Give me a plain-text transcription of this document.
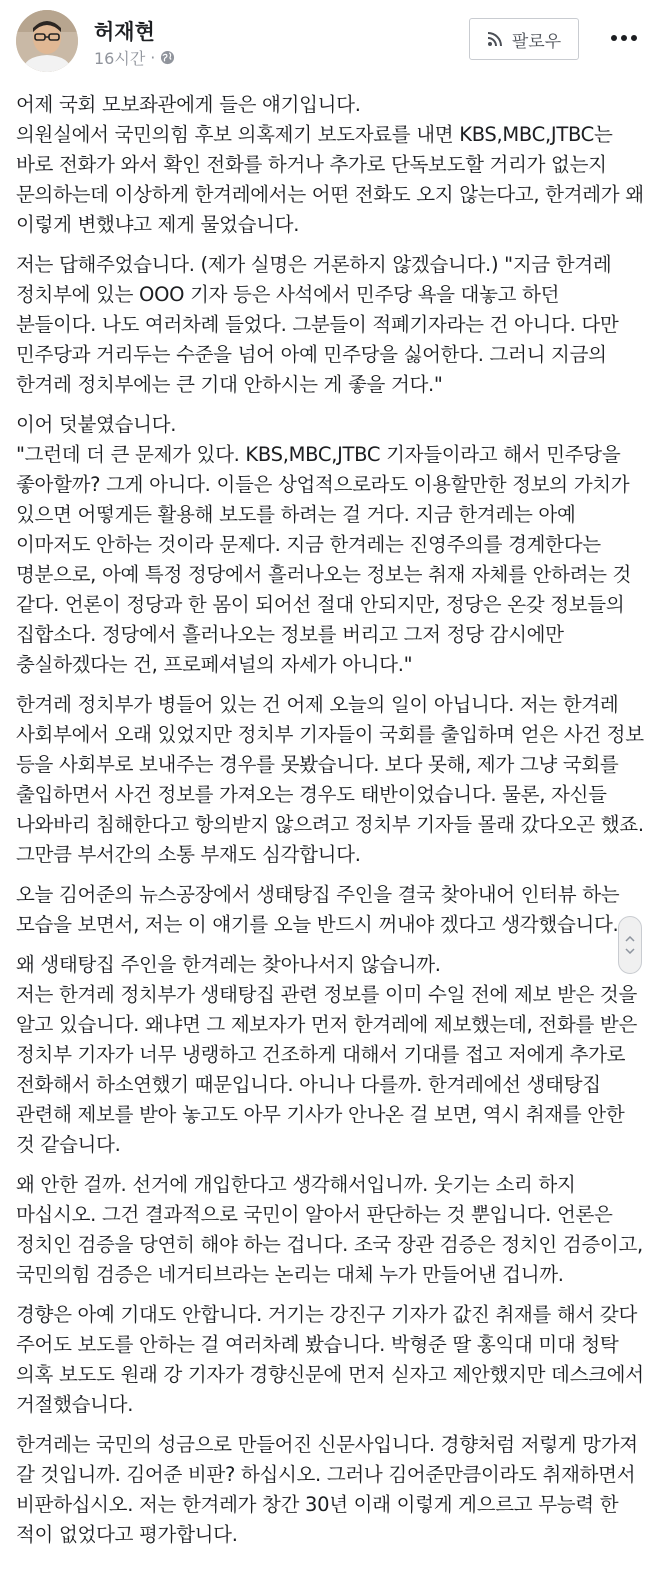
허재현
16시간 ·
팔로우

어제 국회 모보좌관에게 들은 얘기입니다.
의원실에서 국민의힘 후보 의혹제기 보도자료를 내면 KBS,MBC,JTBC는 바로 전화가 와서 확인 전화를 하거나 추가로 단독보도할 거리가 없는지 문의하는데 이상하게 한겨레에서는 어떤 전화도 오지 않는다고, 한겨레가 왜 이렇게 변했냐고 제게 물었습니다.

저는 답해주었습니다. (제가 실명은 거론하지 않겠습니다.) "지금 한겨레 정치부에 있는 OOO 기자 등은 사석에서 민주당 욕을 대놓고 하던 분들이다. 나도 여러차례 들었다. 그분들이 적폐기자라는 건 아니다. 다만 민주당과 거리두는 수준을 넘어 아예 민주당을 싫어한다. 그러니 지금의 한겨레 정치부에는 큰 기대 안하시는 게 좋을 거다."

이어 덧붙였습니다.
"그런데 더 큰 문제가 있다. KBS,MBC,JTBC 기자들이라고 해서 민주당을 좋아할까? 그게 아니다. 이들은 상업적으로라도 이용할만한 정보의 가치가 있으면 어떻게든 활용해 보도를 하려는 걸 거다. 지금 한겨레는 아예 이마저도 안하는 것이라 문제다. 지금 한겨레는 진영주의를 경계한다는 명분으로, 아예 특정 정당에서 흘러나오는 정보는 취재 자체를 안하려는 것 같다. 언론이 정당과 한 몸이 되어선 절대 안되지만, 정당은 온갖 정보들의 집합소다. 정당에서 흘러나오는 정보를 버리고 그저 정당 감시에만 충실하겠다는 건, 프로페셔널의 자세가 아니다."

한겨레 정치부가 병들어 있는 건 어제 오늘의 일이 아닙니다. 저는 한겨레 사회부에서 오래 있었지만 정치부 기자들이 국회를 출입하며 얻은 사건 정보 등을 사회부로 보내주는 경우를 못봤습니다. 보다 못해, 제가 그냥 국회를 출입하면서 사건 정보를 가져오는 경우도 태반이었습니다. 물론, 자신들 나와바리 침해한다고 항의받지 않으려고 정치부 기자들 몰래 갔다오곤 했죠. 그만큼 부서간의 소통 부재도 심각합니다.

오늘 김어준의 뉴스공장에서 생태탕집 주인을 결국 찾아내어 인터뷰 하는 모습을 보면서, 저는 이 얘기를 오늘 반드시 꺼내야 겠다고 생각했습니다.

왜 생태탕집 주인을 한겨레는 찾아나서지 않습니까.
저는 한겨레 정치부가 생태탕집 관련 정보를 이미 수일 전에 제보 받은 것을 알고 있습니다. 왜냐면 그 제보자가 먼저 한겨레에 제보했는데, 전화를 받은 정치부 기자가 너무 냉랭하고 건조하게 대해서 기대를 접고 저에게 추가로 전화해서 하소연했기 때문입니다. 아니나 다를까. 한겨레에선 생태탕집 관련해 제보를 받아 놓고도 아무 기사가 안나온 걸 보면, 역시 취재를 안한 것 같습니다.

왜 안한 걸까. 선거에 개입한다고 생각해서입니까. 웃기는 소리 하지 마십시오. 그건 결과적으로 국민이 알아서 판단하는 것 뿐입니다. 언론은 정치인 검증을 당연히 해야 하는 겁니다. 조국 장관 검증은 정치인 검증이고, 국민의힘 검증은 네거티브라는 논리는 대체 누가 만들어낸 겁니까.

경향은 아예 기대도 안합니다. 거기는 강진구 기자가 값진 취재를 해서 갖다 주어도 보도를 안하는 걸 여러차례 봤습니다. 박형준 딸 홍익대 미대 청탁 의혹 보도도 원래 강 기자가 경향신문에 먼저 싣자고 제안했지만 데스크에서 거절했습니다.

한겨레는 국민의 성금으로 만들어진 신문사입니다. 경향처럼 저렇게 망가져 갈 것입니까. 김어준 비판? 하십시오. 그러나 김어준만큼이라도 취재하면서 비판하십시오. 저는 한겨레가 창간 30년 이래 이렇게 게으르고 무능력 한 적이 없었다고 평가합니다.
